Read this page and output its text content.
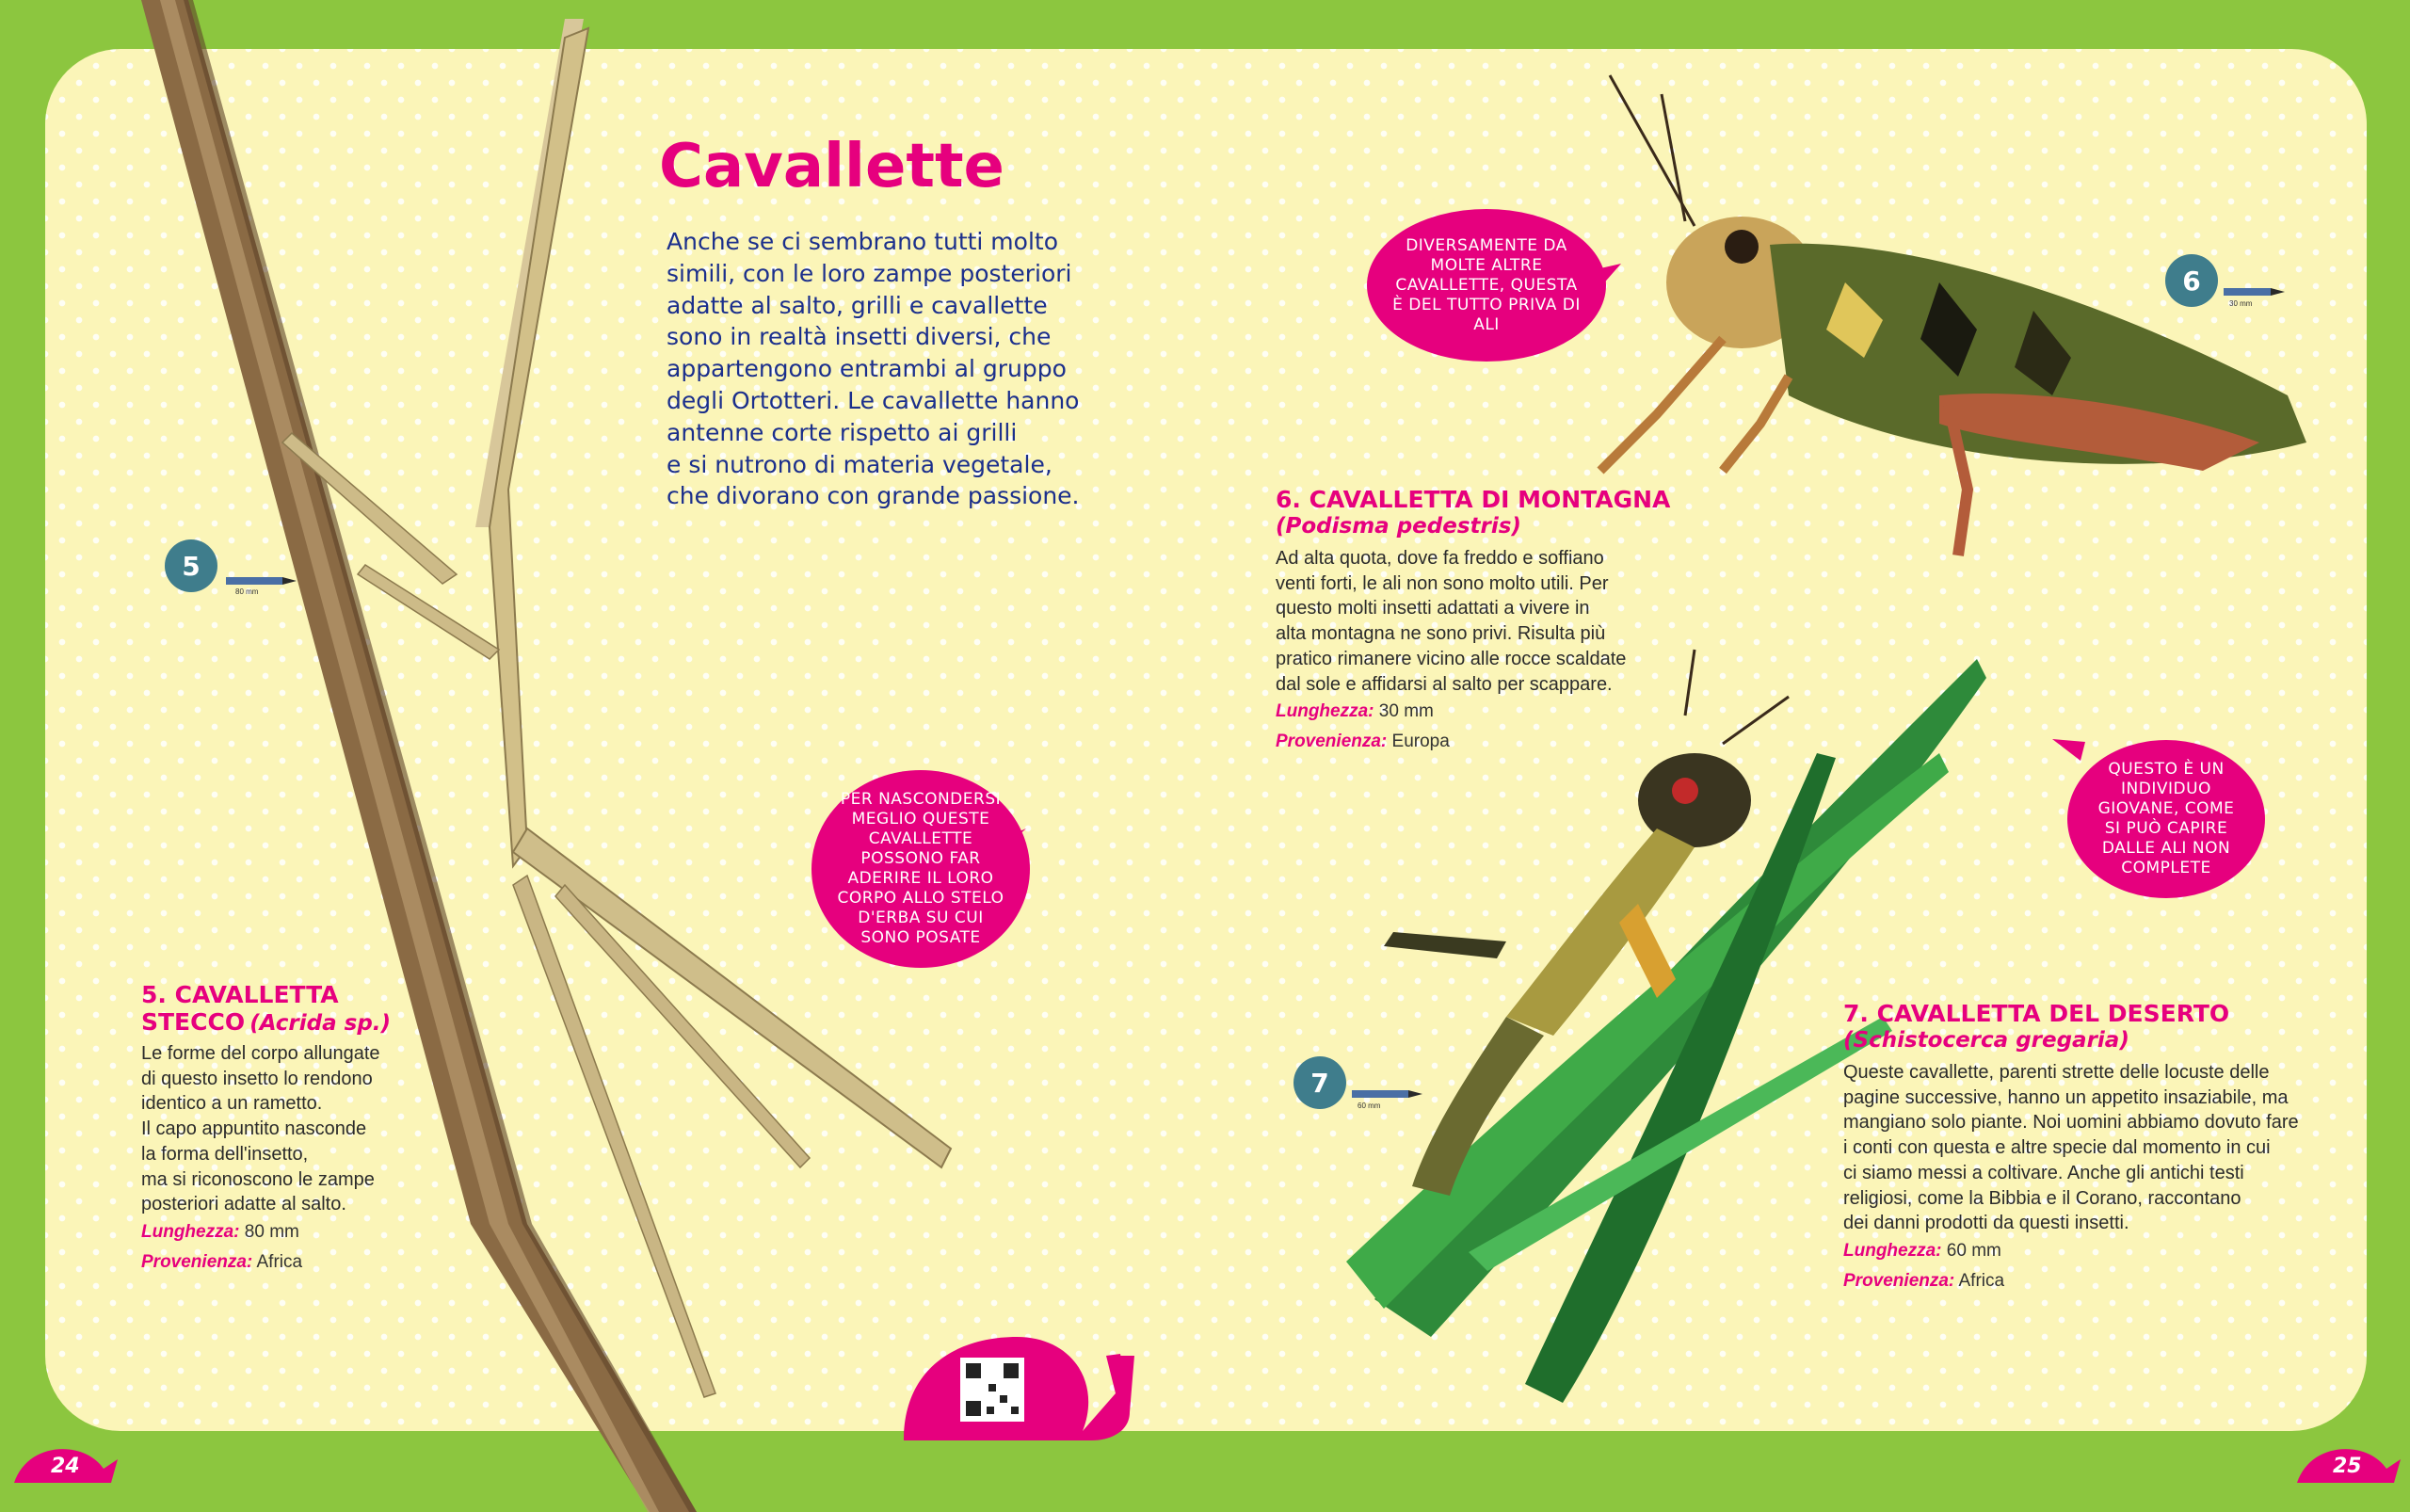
Cavallette

Anche se ci sembrano tutti molto

simili, con le loro zampe posteriori

adatte al salto, grilli e cavallette

sono in realtà insetti diversi, che

appartengono entrambi al gruppo

degli Ortotteri. Le cavallette hanno

antenne corte rispetto ai grilli

e si nutrono di materia vegetale,

che divorano con grande passione.

5
80 mm
6
30 mm
7
60 mm
5. CAVALLETTA
STECCO (Acrida sp.)

Le forme del corpo allungate

di questo insetto lo rendono

identico a un rametto.

Il capo appuntito nasconde

la forma dell'insetto,

ma si riconoscono le zampe

posteriori adatte al salto.

Lunghezza: 80 mm
Provenienza: Africa
6. CAVALLETTA DI MONTAGNA
(Podisma pedestris)

Ad alta quota, dove fa freddo e soffiano

venti forti, le ali non sono molto utili. Per

questo molti insetti adattati a vivere in

alta montagna ne sono privi. Risulta più

pratico rimanere vicino alle rocce scaldate

dal sole e affidarsi al salto per scappare.

Lunghezza: 30 mm
Provenienza: Europa
7. CAVALLETTA DEL DESERTO
(Schistocerca gregaria)

Queste cavallette, parenti strette delle locuste delle

pagine successive, hanno un appetito insaziabile, ma

mangiano solo piante. Noi uomini abbiamo dovuto fare

i conti con questa e altre specie dal momento in cui

ci siamo messi a coltivare. Anche gli antichi testi

religiosi, come la Bibbia e il Corano, raccontano

dei danni prodotti da questi insetti.

Lunghezza: 60 mm
Provenienza: Africa
PER NASCONDERSI MEGLIO QUESTE CAVALLETTE POSSONO FAR ADERIRE IL LORO CORPO ALLO STELO D'ERBA SU CUI SONO POSATE
DIVERSAMENTE DA MOLTE ALTRE CAVALLETTE, QUESTA È DEL TUTTO PRIVA DI ALI
QUESTO È UN INDIVIDUO GIOVANE, COME SI PUÒ CAPIRE DALLE ALI NON COMPLETE
24	25
